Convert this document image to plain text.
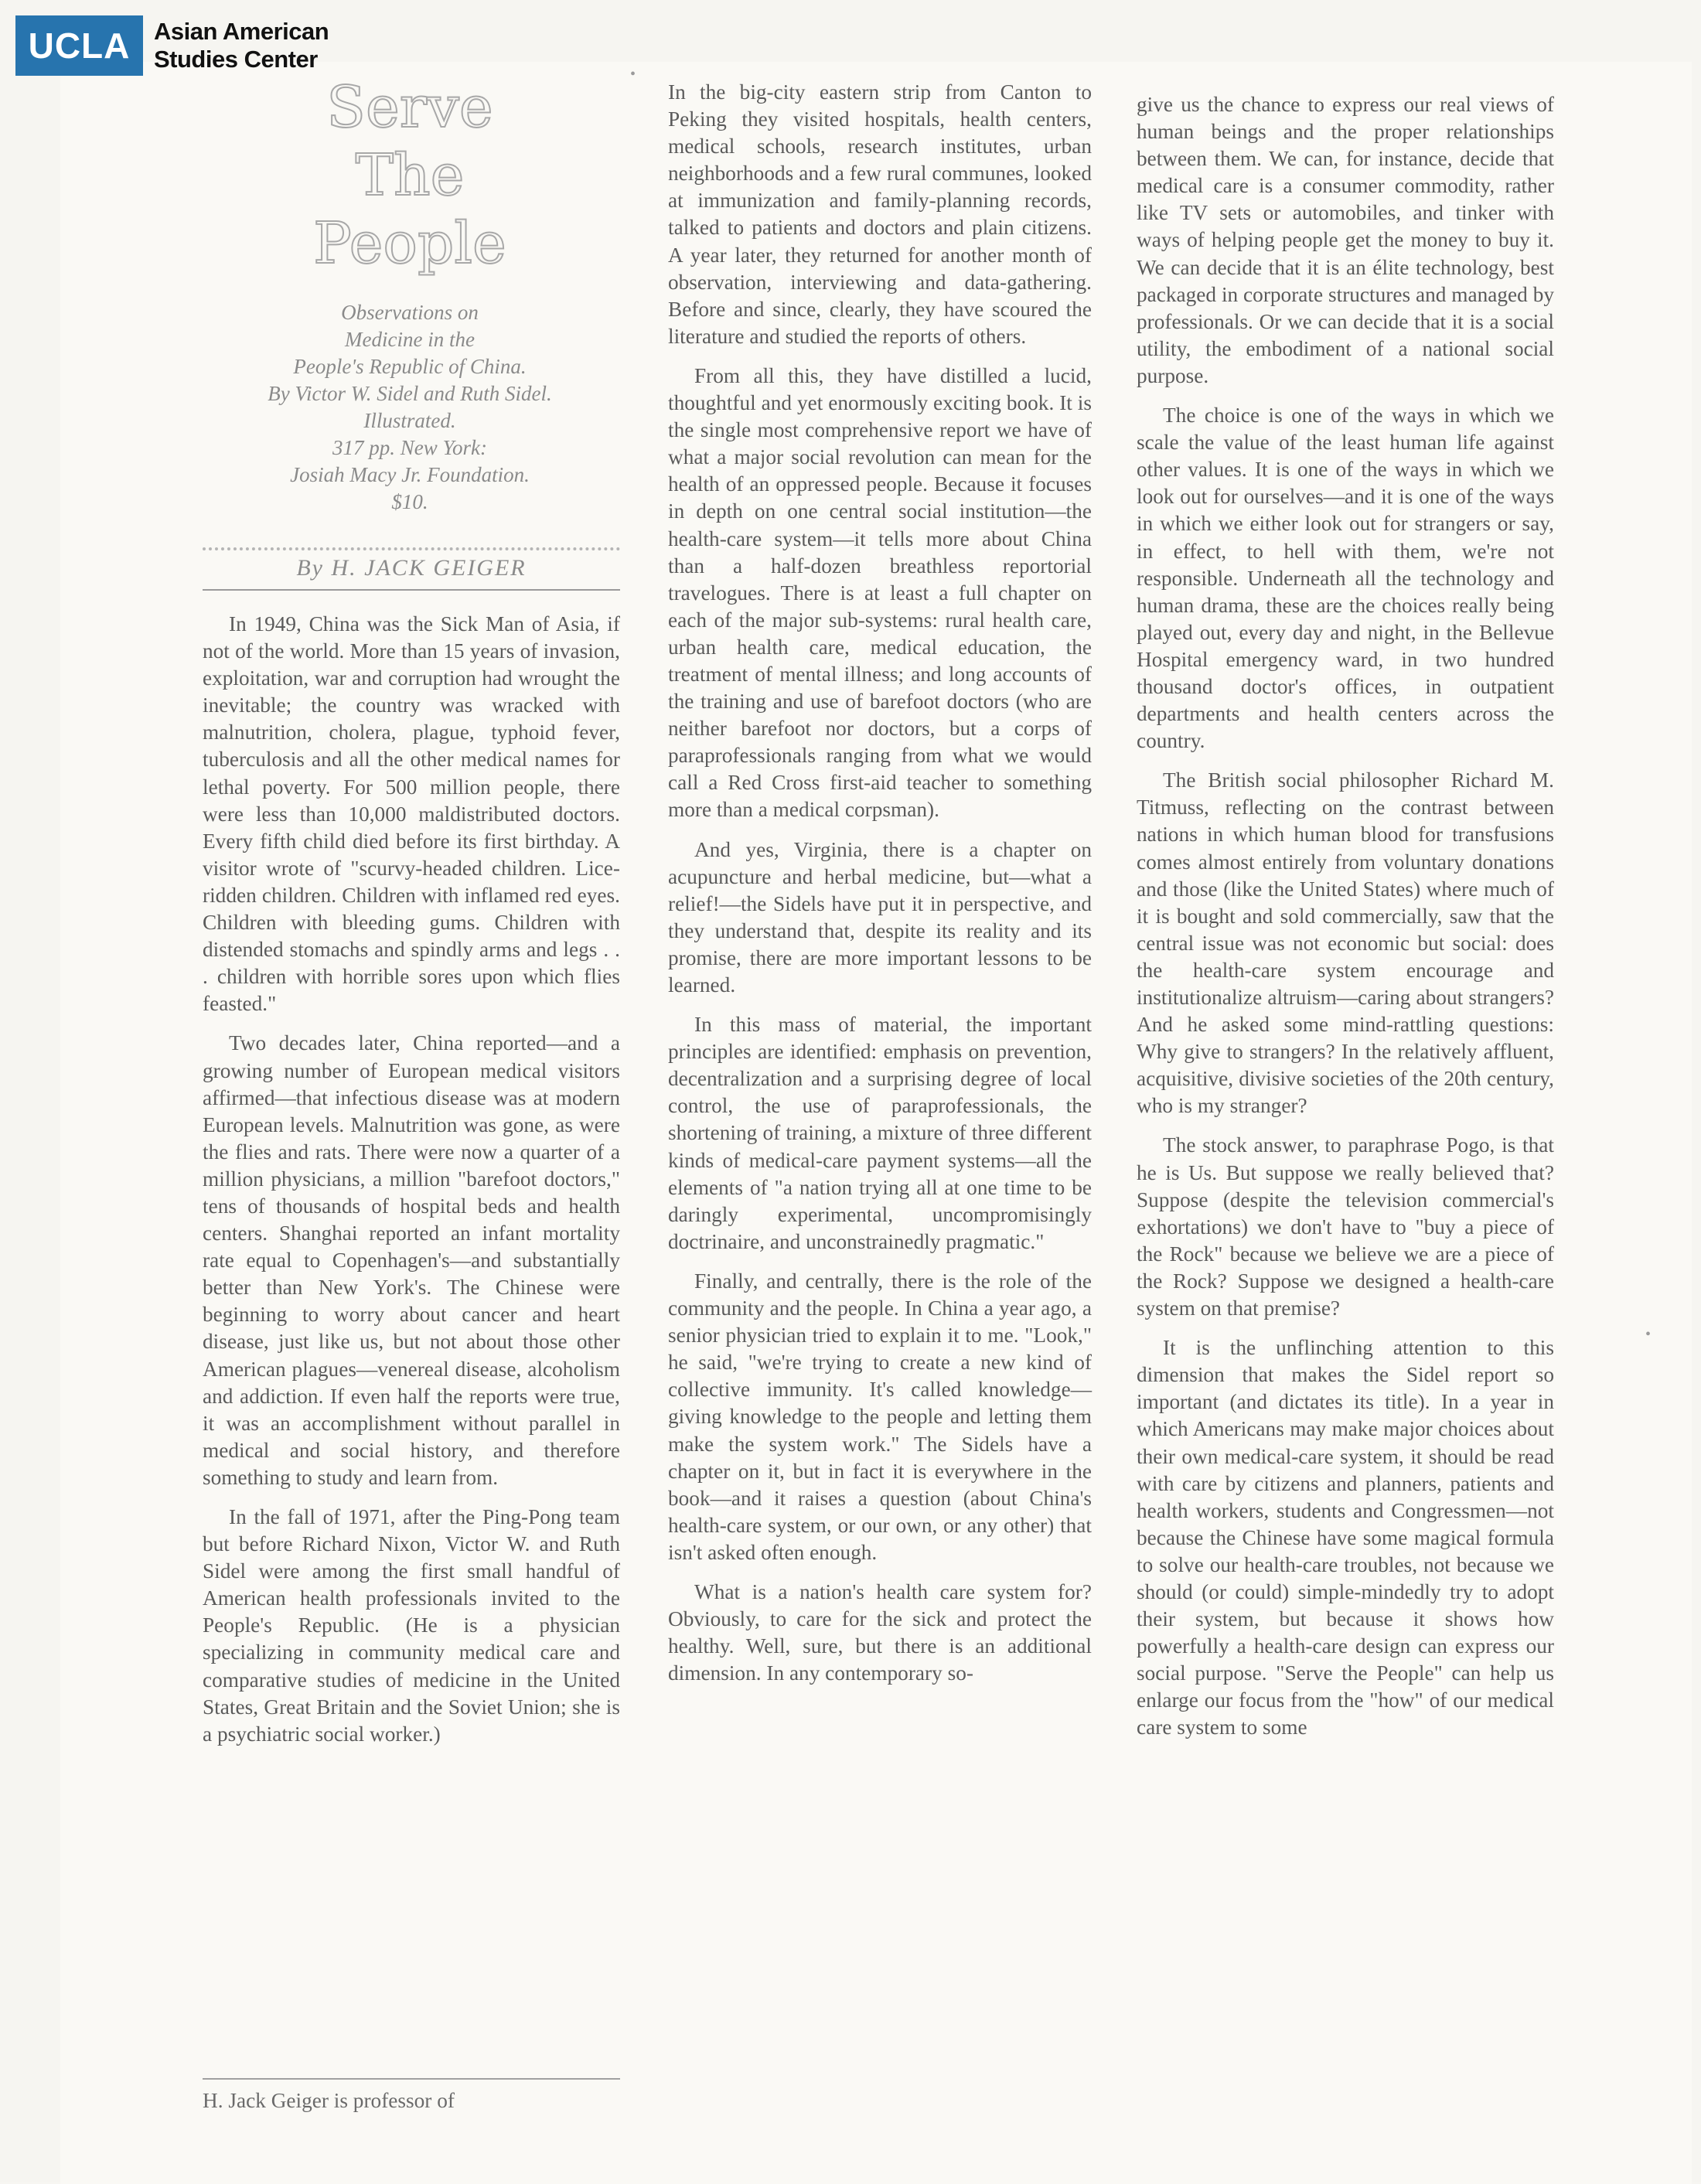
UCLA Asian American
Studies Center
Serve
The
People
Observations on
Medicine in the
People's Republic of China.
By Victor W. Sidel and Ruth Sidel.
Illustrated.
317 pp. New York:
Josiah Macy Jr. Foundation.
$10.
By H. JACK GEIGER

In 1949, China was the Sick Man of Asia, if not of the world. More than 15 years of invasion, exploitation, war and corruption had wrought the inevitable; the country was wracked with malnutrition, cholera, plague, typhoid fever, tuberculosis and all the other medical names for lethal poverty. For 500 million people, there were less than 10,000 maldistributed doctors. Every fifth child died before its first birthday. A visitor wrote of "scurvy-headed children. Lice-ridden children. Children with inflamed red eyes. Children with bleeding gums. Children with distended stomachs and spindly arms and legs . . . children with horrible sores upon which flies feasted."

Two decades later, China reported—and a growing number of European medical visitors affirmed—that infectious disease was at modern European levels. Malnutrition was gone, as were the flies and rats. There were now a quarter of a million physicians, a million "barefoot doctors," tens of thousands of hospital beds and health centers. Shanghai reported an infant mortality rate equal to Copenhagen's—and substantially better than New York's. The Chinese were beginning to worry about cancer and heart disease, just like us, but not about those other American plagues—venereal disease, alcoholism and addiction. If even half the reports were true, it was an accomplishment without parallel in medical and social history, and therefore something to study and learn from.

In the fall of 1971, after the Ping-Pong team but before Richard Nixon, Victor W. and Ruth Sidel were among the first small handful of American health professionals invited to the People's Republic. (He is a physician specializing in community medical care and comparative studies of medicine in the United States, Great Britain and the Soviet Union; she is a psychiatric social worker.)

H. Jack Geiger is professor of

In the big-city eastern strip from Canton to Peking they visited hospitals, health centers, medical schools, research institutes, urban neighborhoods and a few rural communes, looked at immunization and family-planning records, talked to patients and doctors and plain citizens. A year later, they returned for another month of observation, interviewing and data-gathering. Before and since, clearly, they have scoured the literature and studied the reports of others.

From all this, they have distilled a lucid, thoughtful and yet enormously exciting book. It is the single most comprehensive report we have of what a major social revolution can mean for the health of an oppressed people. Because it focuses in depth on one central social institution—the health-care system—it tells more about China than a half-dozen breathless reportorial travelogues. There is at least a full chapter on each of the major sub-systems: rural health care, urban health care, medical education, the treatment of mental illness; and long accounts of the training and use of barefoot doctors (who are neither barefoot nor doctors, but a corps of paraprofessionals ranging from what we would call a Red Cross first-aid teacher to something more than a medical corpsman).

And yes, Virginia, there is a chapter on acupuncture and herbal medicine, but—what a relief!—the Sidels have put it in perspective, and they understand that, despite its reality and its promise, there are more important lessons to be learned.

In this mass of material, the important principles are identified: emphasis on prevention, decentralization and a surprising degree of local control, the use of paraprofessionals, the shortening of training, a mixture of three different kinds of medical-care payment systems—all the elements of "a nation trying all at one time to be daringly experimental, uncompromisingly doctrinaire, and unconstrainedly pragmatic."

Finally, and centrally, there is the role of the community and the people. In China a year ago, a senior physician tried to explain it to me. "Look," he said, "we're trying to create a new kind of collective immunity. It's called knowledge—giving knowledge to the people and letting them make the system work." The Sidels have a chapter on it, but in fact it is everywhere in the book—and it raises a question (about China's health-care system, or our own, or any other) that isn't asked often enough.

What is a nation's health care system for? Obviously, to care for the sick and protect the healthy. Well, sure, but there is an additional dimension. In any contemporary so-

give us the chance to express our real views of human beings and the proper relationships between them. We can, for instance, decide that medical care is a consumer commodity, rather like TV sets or automobiles, and tinker with ways of helping people get the money to buy it. We can decide that it is an élite technology, best packaged in corporate structures and managed by professionals. Or we can decide that it is a social utility, the embodiment of a national social purpose.

The choice is one of the ways in which we scale the value of the least human life against other values. It is one of the ways in which we look out for ourselves—and it is one of the ways in which we either look out for strangers or say, in effect, to hell with them, we're not responsible. Underneath all the technology and human drama, these are the choices really being played out, every day and night, in the Bellevue Hospital emergency ward, in two hundred thousand doctor's offices, in outpatient departments and health centers across the country.

The British social philosopher Richard M. Titmuss, reflecting on the contrast between nations in which human blood for transfusions comes almost entirely from voluntary donations and those (like the United States) where much of it is bought and sold commercially, saw that the central issue was not economic but social: does the health-care system encourage and institutionalize altruism—caring about strangers? And he asked some mind-rattling questions: Why give to strangers? In the relatively affluent, acquisitive, divisive societies of the 20th century, who is my stranger?

The stock answer, to paraphrase Pogo, is that he is Us. But suppose we really believed that? Suppose (despite the television commercial's exhortations) we don't have to "buy a piece of the Rock" because we believe we are a piece of the Rock? Suppose we designed a health-care system on that premise?

It is the unflinching attention to this dimension that makes the Sidel report so important (and dictates its title). In a year in which Americans may make major choices about their own medical-care system, it should be read with care by citizens and planners, patients and health workers, students and Congressmen—not because the Chinese have some magical formula to solve our health-care troubles, not because we should (or could) simple-mindedly try to adopt their system, but because it shows how powerfully a health-care design can express our social purpose. "Serve the People" can help us enlarge our focus from the "how" of our medical care system to some

•
•
